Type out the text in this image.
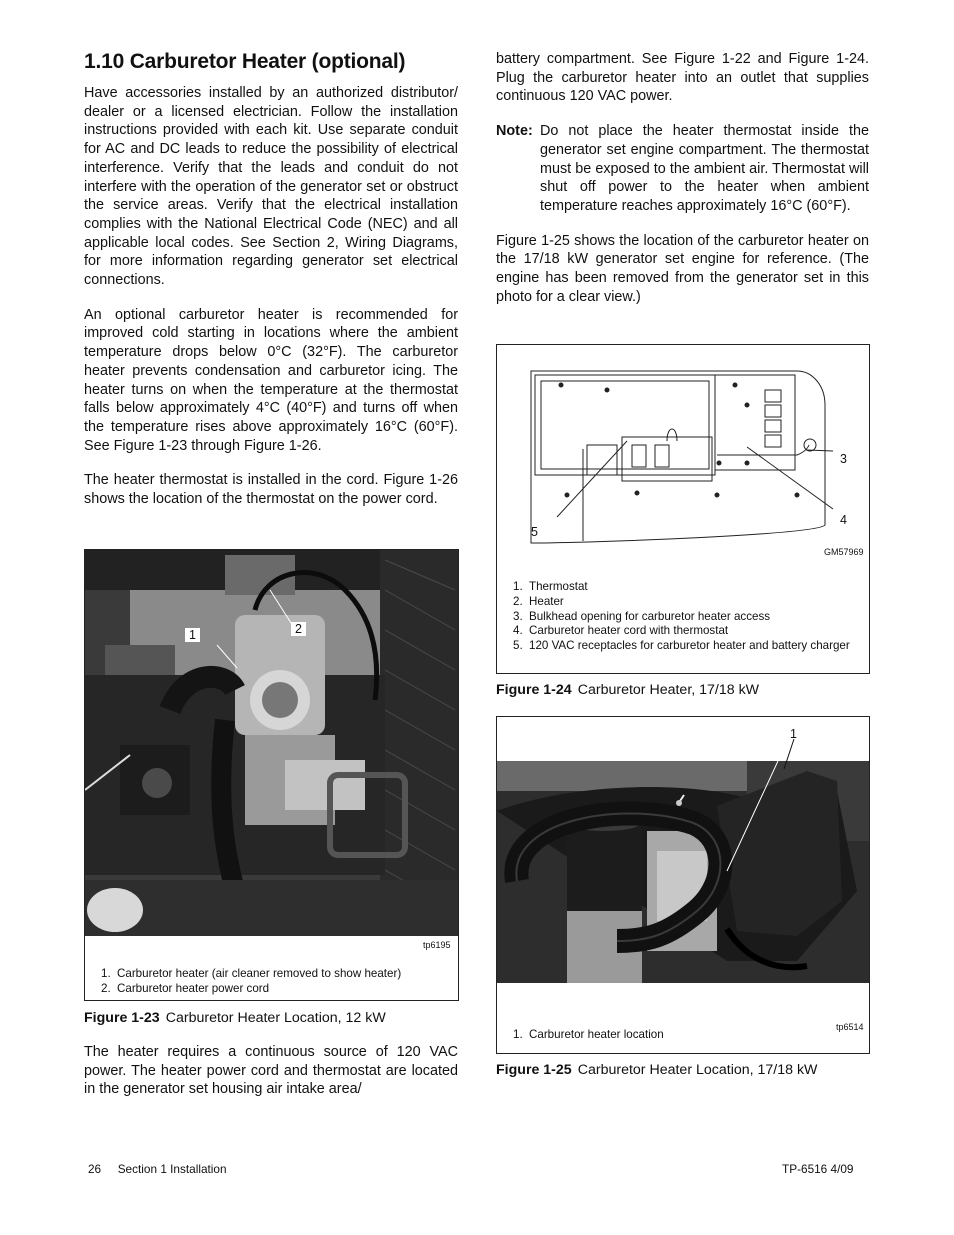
1.10 Carburetor Heater (optional)

Have accessories installed by an authorized distributor/ dealer or a licensed electrician. Follow the installation instructions provided with each kit. Use separate conduit for AC and DC leads to reduce the possibility of electrical interference. Verify that the leads and conduit do not interfere with the operation of the generator set or obstruct the service areas. Verify that the electrical installation complies with the National Electrical Code (NEC) and all applicable local codes. See Section 2, Wiring Diagrams, for more information regarding generator set electrical connections.

An optional carburetor heater is recommended for improved cold starting in locations where the ambient temperature drops below 0°C (32°F). The carburetor heater prevents condensation and carburetor icing. The heater turns on when the temperature at the thermostat falls below approximately 4°C (40°F) and turns off when the temperature rises above approximately 16°C (60°F). See Figure 1-23 through Figure 1-26.

The heater thermostat is installed in the cord. Figure 1-26 shows the location of the thermostat on the power cord.

1	2
tp6195
1. Carburetor heater (air cleaner removed to show heater)
2. Carburetor heater power cord
Figure 1-23 Carburetor Heater Location, 12 kW

The heater requires a continuous source of 120 VAC power. The heater power cord and thermostat are located in the generator set housing air intake area/

battery compartment. See Figure 1-22 and Figure 1-24. Plug the carburetor heater into an outlet that supplies continuous 120 VAC power.

Note: Do not place the heater thermostat inside the generator set engine compartment. The thermostat must be exposed to the ambient air. Thermostat will shut off power to the heater when ambient temperature reaches approximately 16°C (60°F).

Figure 1-25 shows the location of the carburetor heater on the 17/18 kW generator set engine for reference. (The engine has been removed from the generator set in this photo for a clear view.)

3
4
5
GM57969
1. Thermostat
2. Heater
3. Bulkhead opening for carburetor heater access
4. Carburetor heater cord with thermostat
5. 120 VAC receptacles for carburetor heater and battery charger
Figure 1-24 Carburetor Heater, 17/18 kW
1
tp6514
1. Carburetor heater location
Figure 1-25 Carburetor Heater Location, 17/18 kW
26 Section 1 Installation	TP-6516 4/09
